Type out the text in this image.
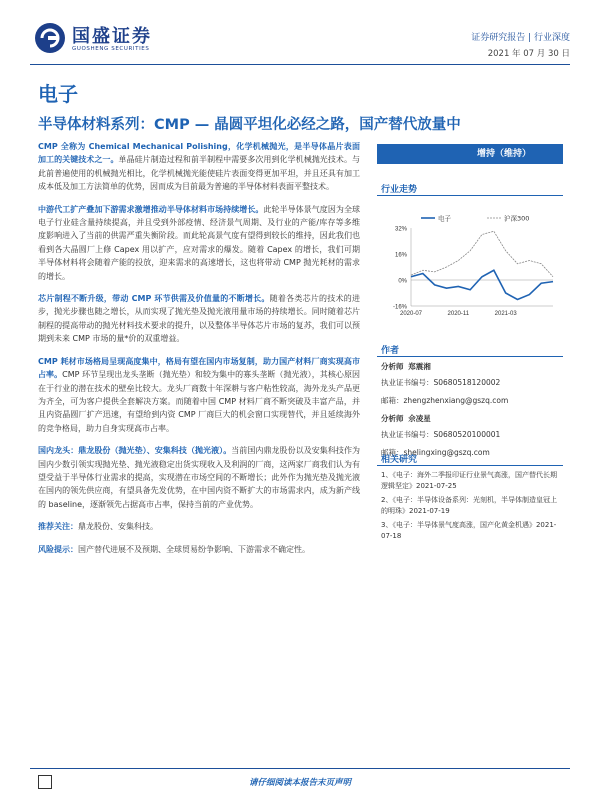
国盛证券
GUOSHENG SECURITIES
证券研究报告 | 行业深度
2021 年 07 月 30 日
电子
半导体材料系列：CMP — 晶圆平坦化必经之路，国产替代放量中

CMP 全称为 Chemical Mechanical Polishing，化学机械抛光，是半导体晶片表面加工的关键技术之一。单晶硅片制造过程和前半制程中需要多次用到化学机械抛光技术。与此前普遍使用的机械抛光相比，化学机械抛光能使硅片表面变得更加平坦，并且还具有加工成本低及加工方法简单的优势，因而成为目前最为普遍的半导体材料表面平整技术。

中游代工扩产叠加下游需求激增推动半导体材料市场持续增长。此轮半导体景气度因为全球电子行业硅含量持续提高，并且受到外部疫情、经济景气周期、及行业的产能/库存等多维度影响进入了当前的供需严重失衡阶段。而此轮高景气度有望得到较长的维持，因此我们也看到各大晶圆厂上修 Capex 用以扩产，应对需求的爆发。随着 Capex 的增长，我们可期半导体材料将会随着产能的投放，迎来需求的高速增长，这也将带动 CMP 抛光耗材的需求的增长。

芯片制程不断升级，带动 CMP 环节供需及价值量的不断增长。随着各类芯片的技术的进步，抛光步骤也随之增长，从而实现了抛光垫及抛光液用量市场的持续增长。同时随着芯片制程的提高带动的抛光材料技术要求的提升，以及整体半导体芯片市场的复苏，我们可以预期到未来 CMP 市场的量*价的双重增益。

CMP 耗材市场格局呈现高度集中，格局有望在国内市场复制，助力国产材料厂商实现高市占率。CMP 环节呈现出龙头垄断（抛光垫）和较为集中的寡头垄断（抛光液），其核心原因在于行业的潜在技术的壁垒比较大。龙头厂商数十年深耕与客户粘性较高，海外龙头产品更为齐全，可为客户提供全套解决方案。而随着中国 CMP 材料厂商不断突破及丰富产品，并且内资晶圆厂扩产迅速，有望给到内资 CMP 厂商巨大的机会窗口实现替代，并且延续海外的竞争格局，助力自身实现高市占率。

国内龙头：鼎龙股份（抛光垫）、安集科技（抛光液）。当前国内鼎龙股份以及安集科技作为国内少数引领实现抛光垫、抛光液稳定出货实现收入及利润的厂商，这两家厂商我们认为有望受益于半导体行业需求的提高，实现潜在市场空间的不断增长；此外作为抛光垫及抛光液在国内的领先供应商，有望具备先发优势，在中国内资不断扩大的市场需求内，成为新产线的 baseline，逐渐领先占据高市占率，保持当前的产业优势。

推荐关注：鼎龙股份、安集科技。

风险提示：国产替代进展不及预期、全球贸易纷争影响、下游需求不确定性。

增持（维持）
行业走势
32%
16%
0%
-16%
2020-07	2020-11	2021-03
电子	沪深300
作者
分析师 郑震湘
执业证书编号：S0680518120002
邮箱：zhengzhenxiang@gszq.com
分析师 佘凌星
执业证书编号：S0680520100001
邮箱：shelingxing@gszq.com
相关研究
1、《电子：海外二季报印证行业景气高涨，国产替代长期逻辑坚定》2021-07-25
2、《电子：半导体设备系列：光刻机，半导体制造皇冠上的明珠》2021-07-19
3、《电子：半导体景气度高涨，国产化黄金机遇》2021-07-18
请仔细阅读本报告末页声明
